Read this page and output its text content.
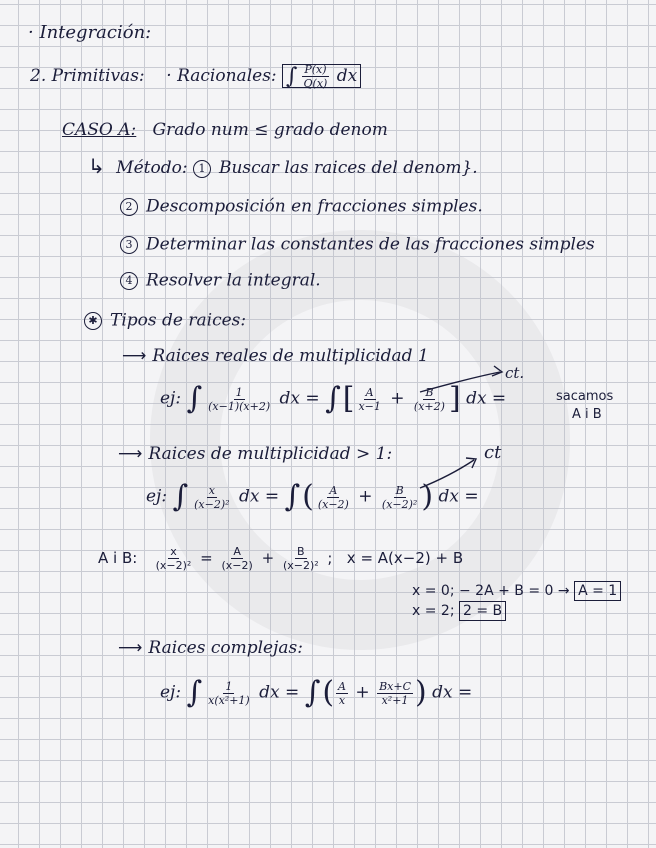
· Integración:
2. Primitivas: · Racionales: ∫ $\frac{P(x)}{Q(x)}$ dx
CASO A: Grado num ≤ grado denom
↳ Método: 1 Buscar las raices del denom}.
2 Descomposición en fracciones simples.
3 Determinar las constantes de las fracciones simples
4 Resolver la integral.
✱ Tipos de raices:
⟶ Raices reales de multiplicidad 1
ct.
ej: ∫ $\frac{1}{(x-1)(x+2)}$ dx = ∫[ $\frac{A}{x-1} + \frac{B}{(x+2)}$ ] dx =	sacamos
A i B
⟶ Raices de multiplicidad > 1:	ct
ej: ∫ $\frac{x}{\text{(x−2)²}}$ dx = ∫( $\frac{A}{(x-2)} + \frac{B}{\text{(x−2)²}}$ ) dx =
A i B: $\frac{x}{\text{(x−2)²}} = \frac{A}{(x-2)} + \frac{B}{\text{(x−2)²}}$ ;   x = A(x−2) + B
x = 0; − 2A + B = 0 → A = 1
x = 2; 2 = B
⟶ Raices complejas:
ej: ∫ $\frac{1}{\text{x(x²+1)}}$ dx = ∫( $\frac{A}{x} + \frac{Bx+C}{\text{x²+1}}$ ) dx =
